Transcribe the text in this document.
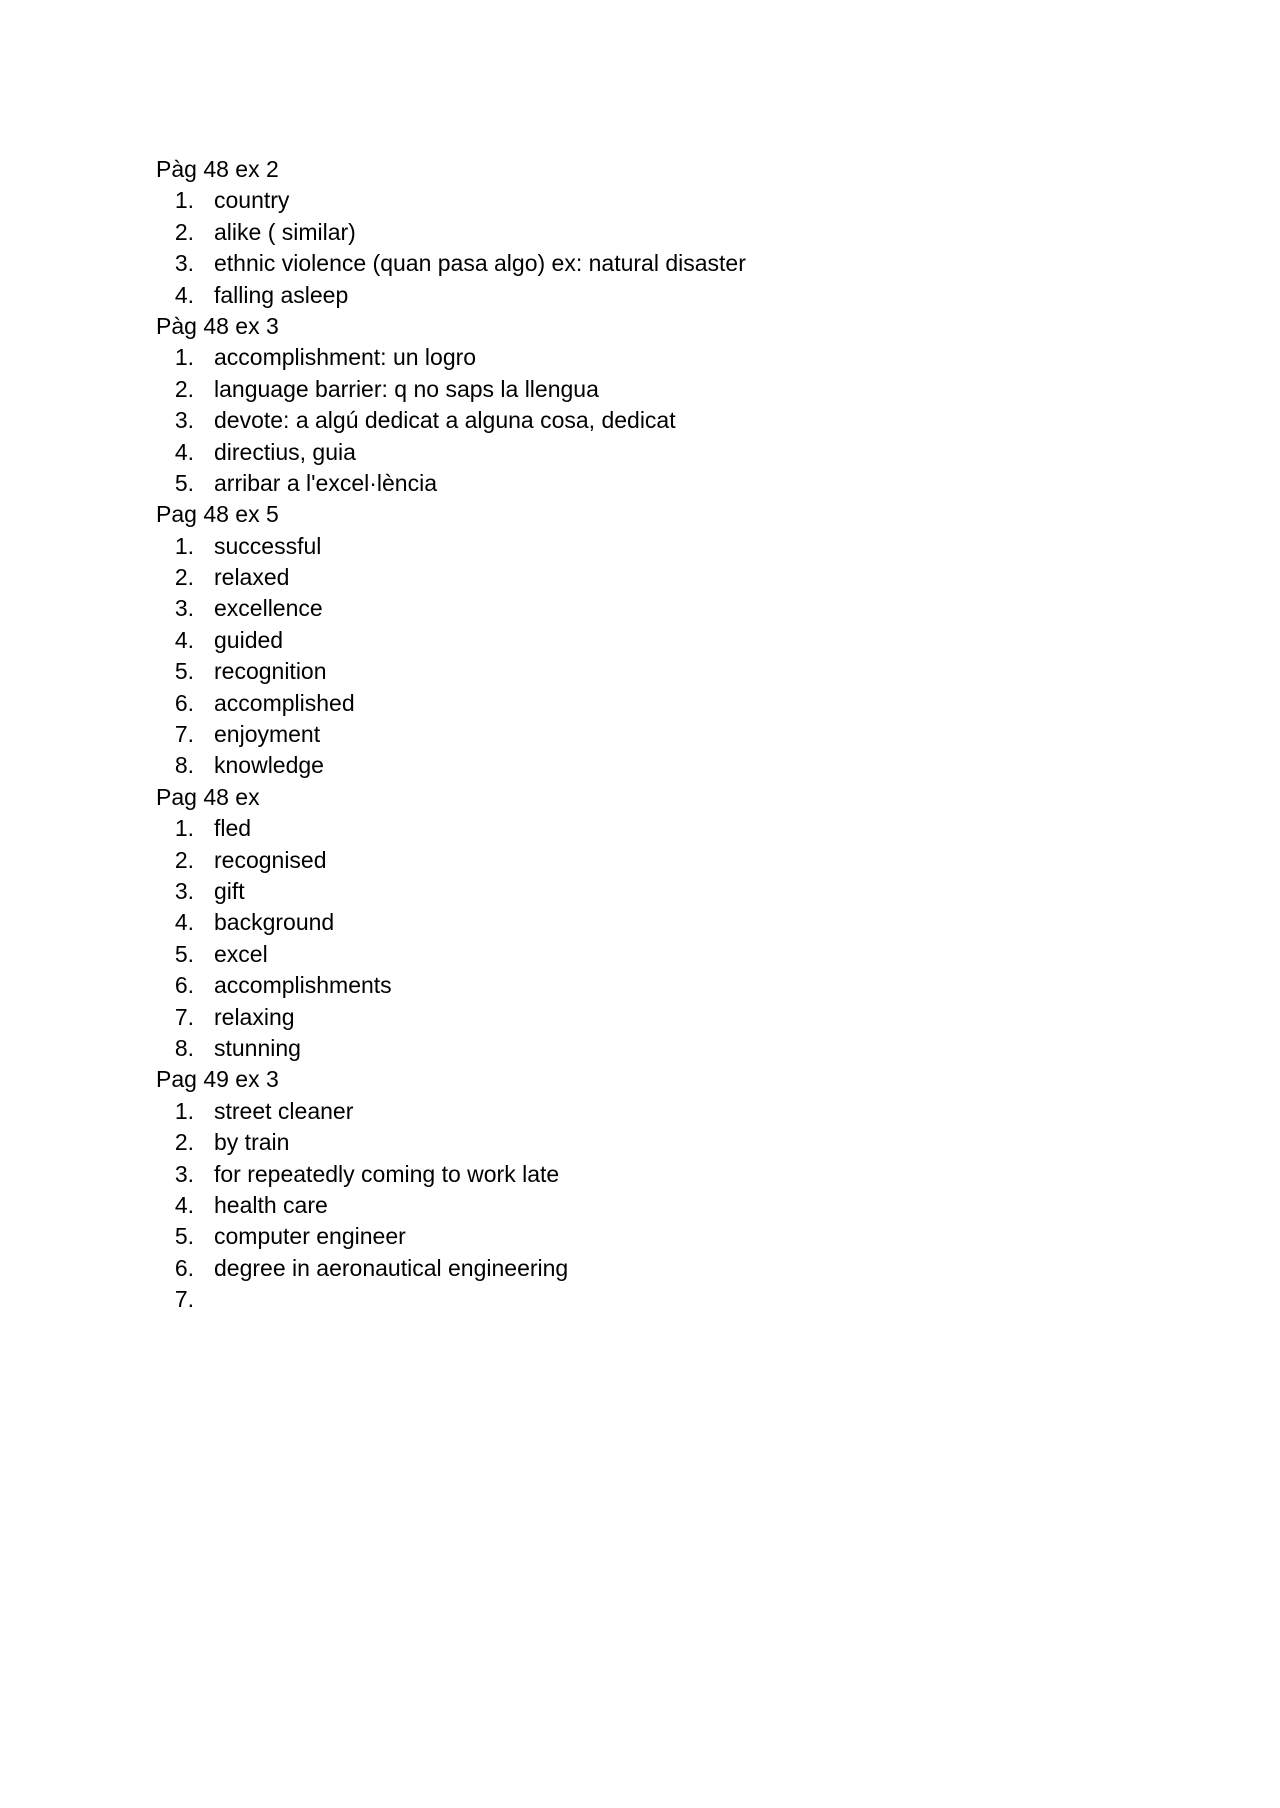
Pàg 48 ex 2
1. country
2. alike ( similar)
3. ethnic violence (quan pasa algo) ex: natural disaster
4. falling asleep
Pàg 48 ex 3
1. accomplishment: un logro
2. language barrier: q no saps la llengua
3. devote: a algú dedicat a alguna cosa, dedicat
4. directius, guia
5. arribar a l'excel·lència
Pag 48 ex 5
1. successful
2. relaxed
3. excellence
4. guided
5. recognition
6. accomplished
7. enjoyment
8. knowledge
Pag 48 ex
1. fled
2. recognised
3. gift
4. background
5. excel
6. accomplishments
7. relaxing
8. stunning
Pag 49 ex 3
1. street cleaner
2. by train
3. for repeatedly coming to work late
4. health care
5. computer engineer
6. degree in aeronautical engineering
7.
